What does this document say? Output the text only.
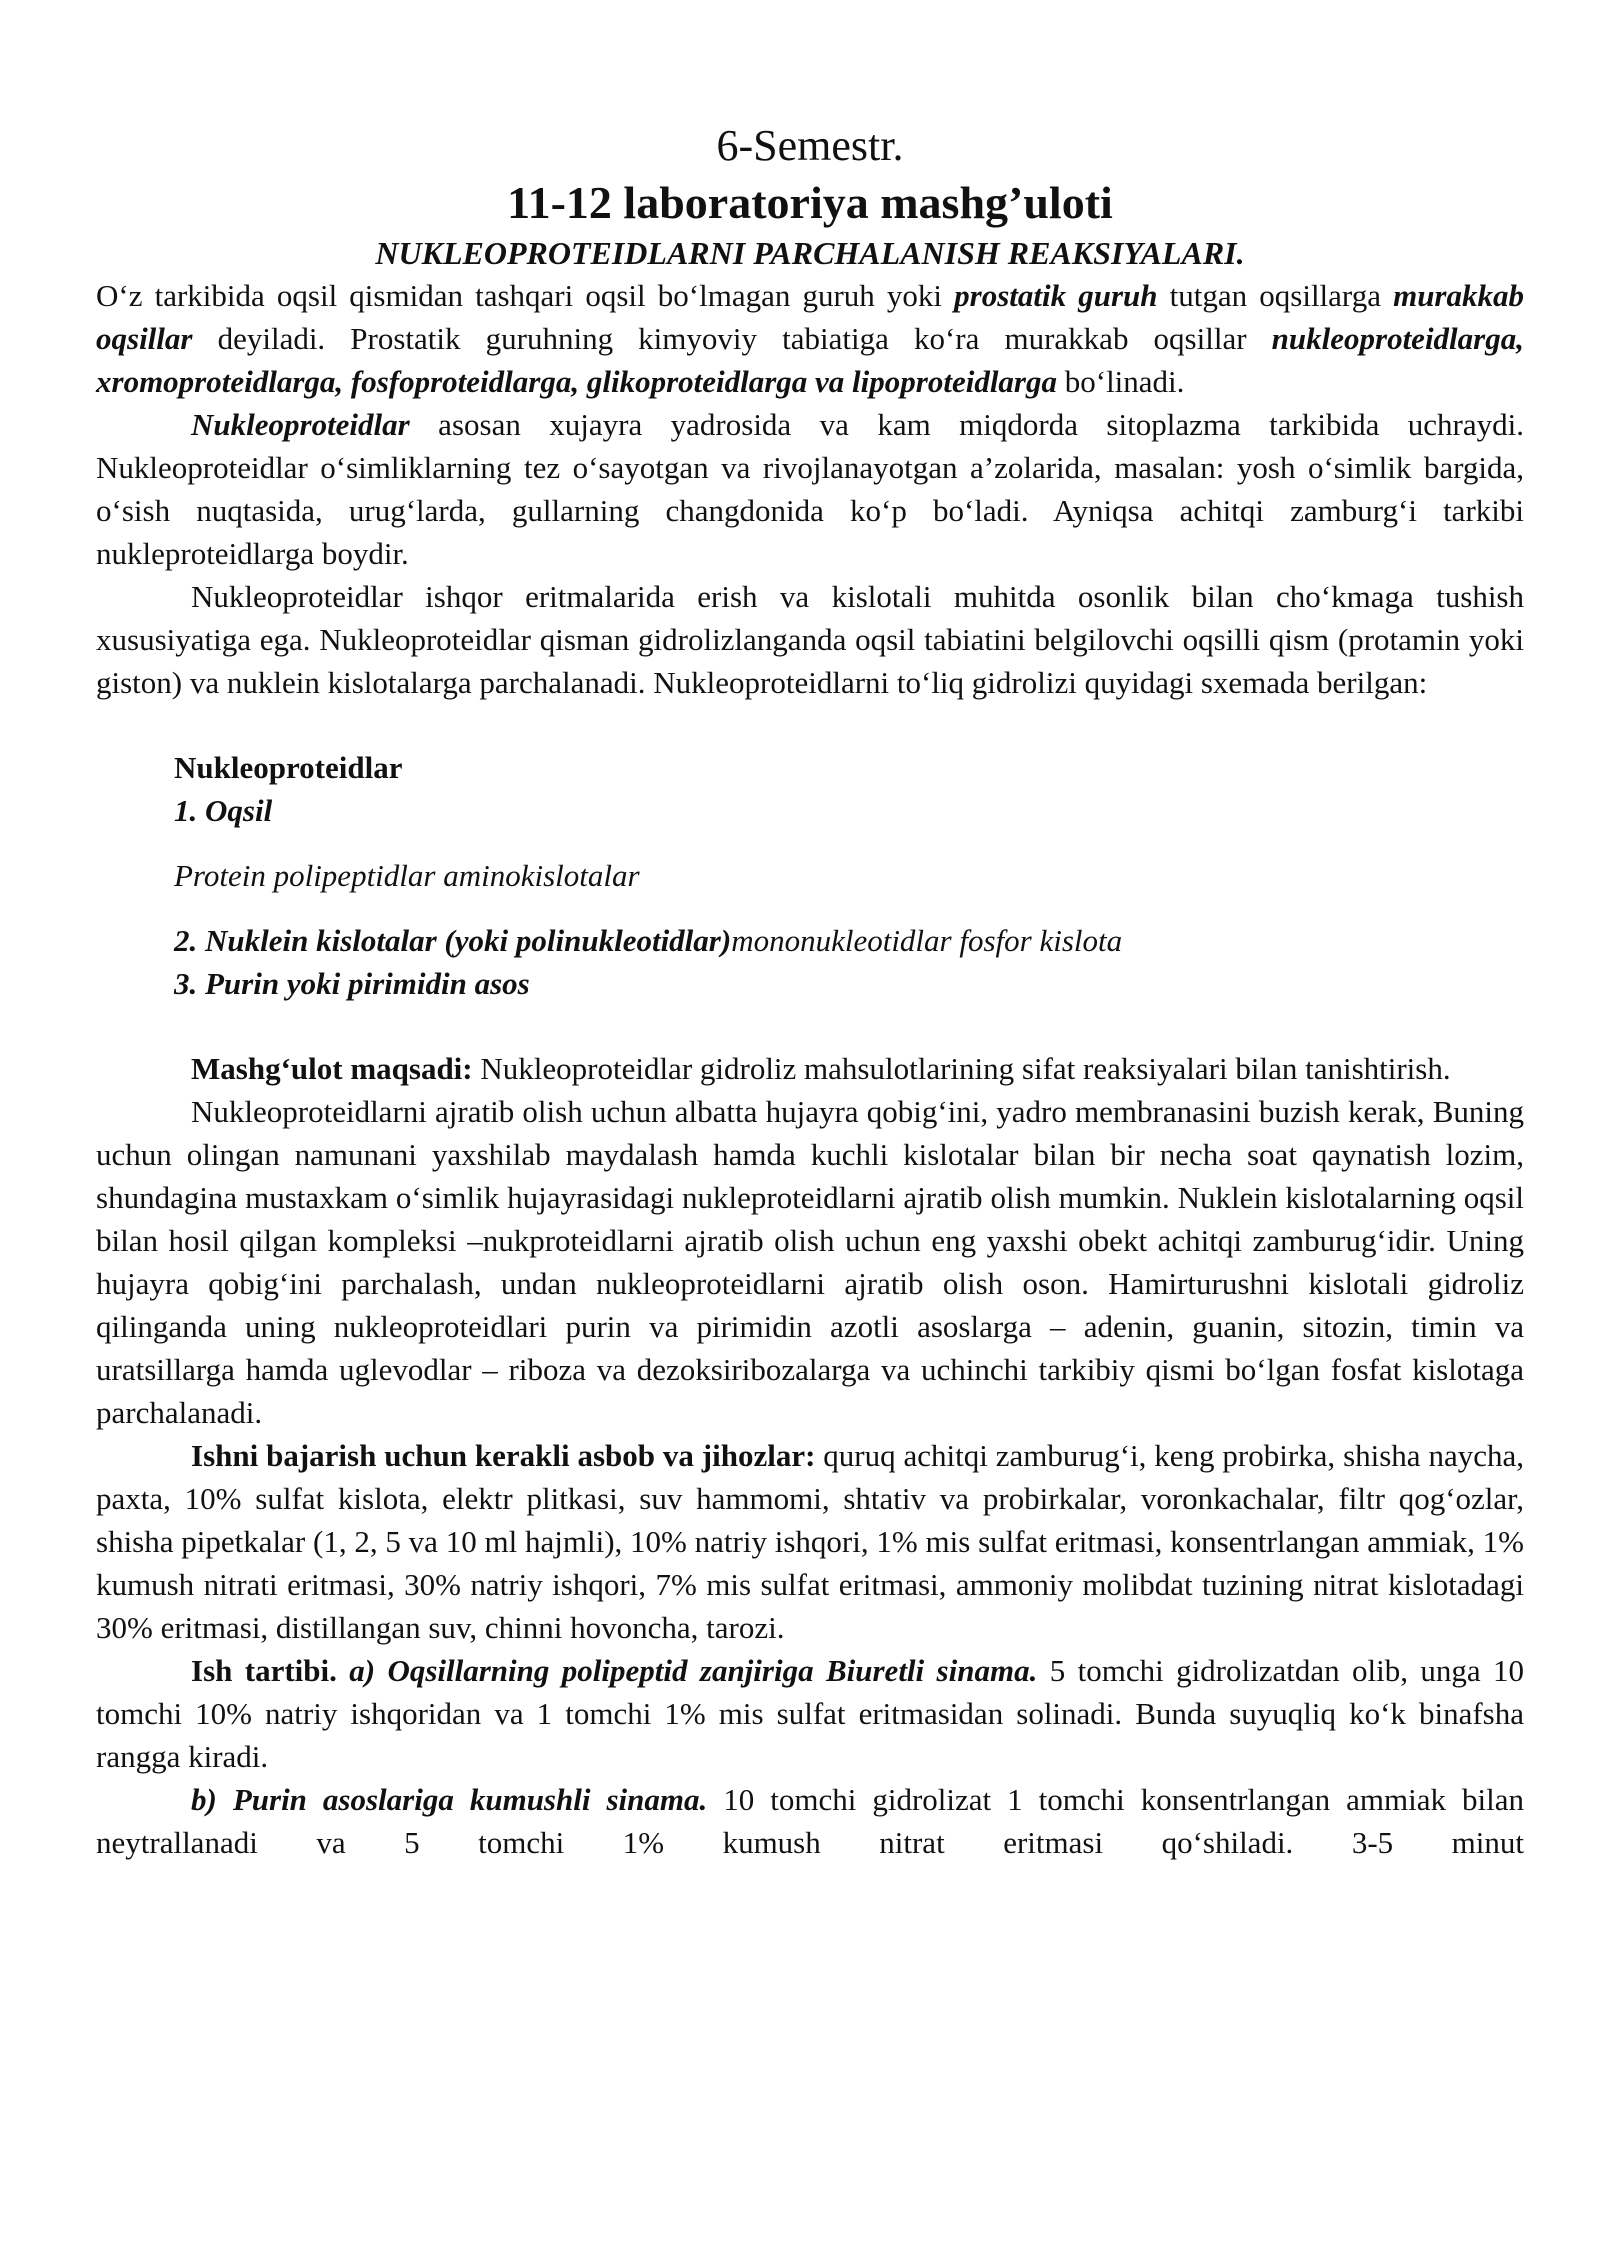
6-Semestr.
11-12 laboratoriya mashg’uloti
NUKLEOPROTEIDLARNI PARCHALANISH REAKSIYALARI.

O‘z tarkibida oqsil qismidan tashqari oqsil bo‘lmagan guruh yoki prostatik guruh tutgan oqsillarga murakkab oqsillar deyiladi. Prostatik guruhning kimyoviy tabiatiga ko‘ra murakkab oqsillar nukleoproteidlarga, xromoproteidlarga, fosfoproteidlarga, glikoproteidlarga va lipoproteidlarga bo‘linadi.

Nukleoproteidlar asosan xujayra yadrosida va kam miqdorda sitoplazma tarkibida uchraydi. Nukleoproteidlar o‘simliklarning tez o‘sayotgan va rivojlanayotgan a’zolarida, masalan: yosh o‘simlik bargida, o‘sish nuqtasida, urug‘larda, gullarning changdonida ko‘p bo‘ladi. Ayniqsa achitqi zamburg‘i tarkibi nukleproteidlarga boydir.

Nukleoproteidlar ishqor eritmalarida erish va kislotali muhitda osonlik bilan cho‘kmaga tushish xususiyatiga ega. Nukleoproteidlar qisman gidrolizlanganda oqsil tabiatini belgilovchi oqsilli qism (protamin yoki giston) va nuklein kislotalarga parchalanadi. Nukleoproteidlarni to‘liq gidrolizi quyidagi sxemada berilgan:

Nukleoproteidlar
1. Oqsil
Protein polipeptidlar aminokislotalar
2. Nuklein kislotalar (yoki polinukleotidlar)mononukleotidlar fosfor kislota
3. Purin yoki pirimidin asos

Mashg‘ulot maqsadi: Nukleoproteidlar gidroliz mahsulotlarining sifat reaksiyalari bilan tanishtirish.

Nukleoproteidlarni ajratib olish uchun albatta hujayra qobig‘ini, yadro membranasini buzish kerak, Buning uchun olingan namunani yaxshilab maydalash hamda kuchli kislotalar bilan bir necha soat qaynatish lozim, shundagina mustaxkam o‘simlik hujayrasidagi nukleproteidlarni ajratib olish mumkin. Nuklein kislotalarning oqsil bilan hosil qilgan kompleksi –nukproteidlarni ajratib olish uchun eng yaxshi obekt achitqi zamburug‘idir. Uning hujayra qobig‘ini parchalash, undan nukleoproteidlarni ajratib olish oson. Hamirturushni kislotali gidroliz qilinganda uning nukleoproteidlari purin va pirimidin azotli asoslarga – adenin, guanin, sitozin, timin va uratsillarga hamda uglevodlar – riboza va dezoksiribozalarga va uchinchi tarkibiy qismi bo‘lgan fosfat kislotaga parchalanadi.

Ishni bajarish uchun kerakli asbob va jihozlar: quruq achitqi zamburug‘i, keng probirka, shisha naycha, paxta, 10% sulfat kislota, elektr plitkasi, suv hammomi, shtativ va probirkalar, voronkachalar, filtr qog‘ozlar, shisha pipetkalar (1, 2, 5 va 10 ml hajmli), 10% natriy ishqori, 1% mis sulfat eritmasi, konsentrlangan ammiak, 1% kumush nitrati eritmasi, 30% natriy ishqori, 7% mis sulfat eritmasi, ammoniy molibdat tuzining nitrat kislotadagi 30% eritmasi, distillangan suv, chinni hovoncha, tarozi.

Ish tartibi. a) Oqsillarning polipeptid zanjiriga Biuretli sinama. 5 tomchi gidrolizatdan olib, unga 10 tomchi 10% natriy ishqoridan va 1 tomchi 1% mis sulfat eritmasidan solinadi. Bunda suyuqliq ko‘k binafsha rangga kiradi.

b) Purin asoslariga kumushli sinama. 10 tomchi gidrolizat 1 tomchi konsentrlangan ammiak bilan neytrallanadi va 5 tomchi 1% kumush nitrat eritmasi qo‘shiladi. 3-5 minut
